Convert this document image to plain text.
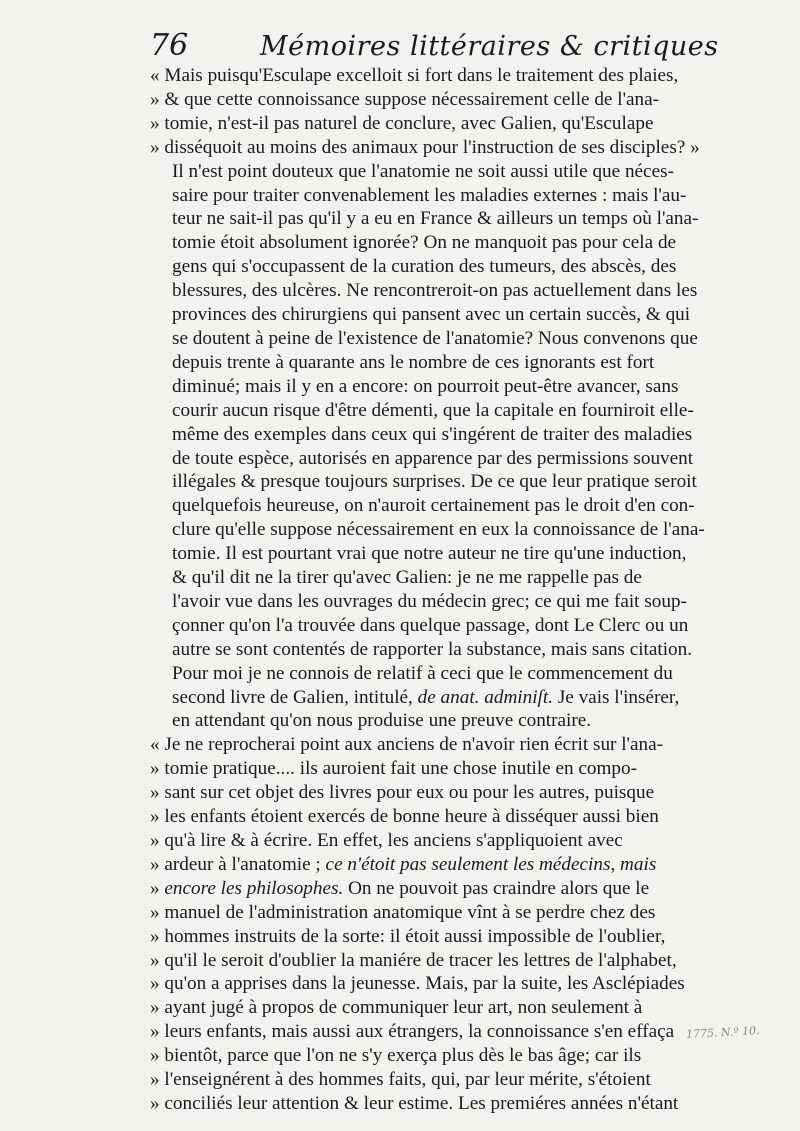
76	Mémoires littéraires & critiques

« Mais puisqu'Esculape excelloit si fort dans le traitement des plaies,
» & que cette connoissance suppose nécessairement celle de l'ana-
» tomie, n'est-il pas naturel de conclure, avec Galien, qu'Esculape
» disséquoit au moins des animaux pour l'instruction de ses disciples? »

Il n'est point douteux que l'anatomie ne soit aussi utile que néces-
saire pour traiter convenablement les maladies externes : mais l'au-
teur ne sait-il pas qu'il y a eu en France & ailleurs un temps où l'ana-
tomie étoit absolument ignorée? On ne manquoit pas pour cela de
gens qui s'occupassent de la curation des tumeurs, des abscès, des
blessures, des ulcères. Ne rencontreroit-on pas actuellement dans les
provinces des chirurgiens qui pansent avec un certain succès, & qui
se doutent à peine de l'existence de l'anatomie? Nous convenons que
depuis trente à quarante ans le nombre de ces ignorants est fort
diminué; mais il y en a encore: on pourroit peut-être avancer, sans
courir aucun risque d'être démenti, que la capitale en fourniroit elle-
même des exemples dans ceux qui s'ingérent de traiter des maladies
de toute espèce, autorisés en apparence par des permissions souvent
illégales & presque toujours surprises. De ce que leur pratique seroit
quelquefois heureuse, on n'auroit certainement pas le droit d'en con-
clure qu'elle suppose nécessairement en eux la connoissance de l'ana-
tomie. Il est pourtant vrai que notre auteur ne tire qu'une induction,
& qu'il dit ne la tirer qu'avec Galien: je ne me rappelle pas de
l'avoir vue dans les ouvrages du médecin grec; ce qui me fait soup-
çonner qu'on l'a trouvée dans quelque passage, dont Le Clerc ou un
autre se sont contentés de rapporter la substance, mais sans citation.
Pour moi je ne connois de relatif à ceci que le commencement du
second livre de Galien, intitulé, de anat. adminiſt. Je vais l'insérer,
en attendant qu'on nous produise une preuve contraire.

« Je ne reprocherai point aux anciens de n'avoir rien écrit sur l'ana-
» tomie pratique.... ils auroient fait une chose inutile en compo-
» sant sur cet objet des livres pour eux ou pour les autres, puisque
» les enfants étoient exercés de bonne heure à disséquer aussi bien
» qu'à lire & à écrire. En effet, les anciens s'appliquoient avec
» ardeur à l'anatomie ; ce n'étoit pas seulement les médecins, mais
» encore les philosophes. On ne pouvoit pas craindre alors que le
» manuel de l'administration anatomique vînt à se perdre chez des
» hommes instruits de la sorte: il étoit aussi impossible de l'oublier,
» qu'il le seroit d'oublier la maniére de tracer les lettres de l'alphabet,
» qu'on a apprises dans la jeunesse. Mais, par la suite, les Asclépiades
» ayant jugé à propos de communiquer leur art, non seulement à
» leurs enfants, mais aussi aux étrangers, la connoissance s'en effaça
» bientôt, parce que l'on ne s'y exerça plus dès le bas âge; car ils
» l'enseignérent à des hommes faits, qui, par leur mérite, s'étoient
» conciliés leur attention & leur estime. Les premiéres années n'étant

1775. N.º 10.
